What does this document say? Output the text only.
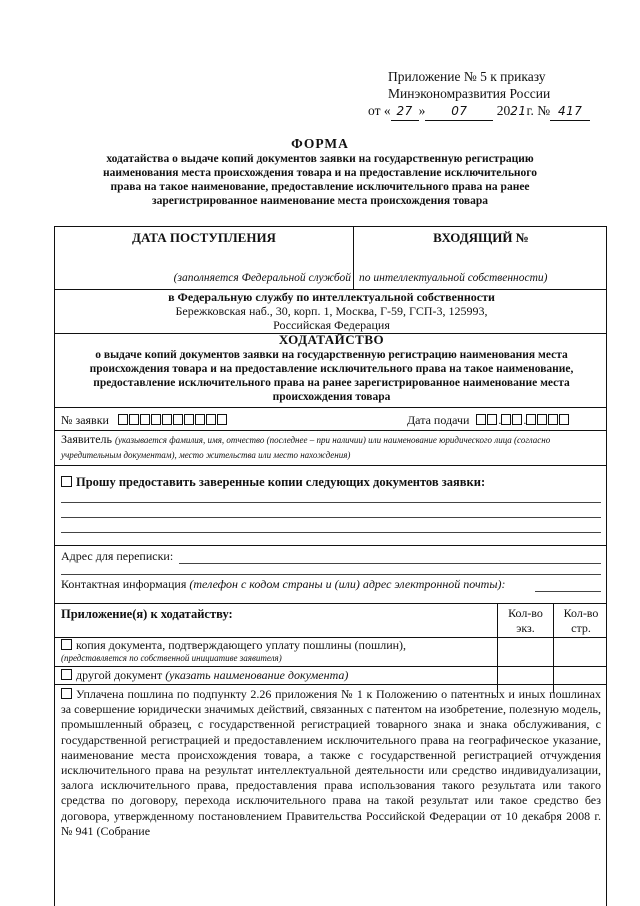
Приложение № 5 к приказу
Минэкономразвития России
от « 27 » 07 2021г. № 417
ФОРМА
ходатайства о выдаче копий документов заявки на государственную регистрацию наименования места происхождения товара и на предоставление исключительного права на такое наименование, предоставление исключительного права на ранее зарегистрированное наименование места происхождения товара
ДАТА ПОСТУПЛЕНИЯ	ВХОДЯЩИЙ №
(заполняется Федеральной службой по интеллектуальной собственности)
в Федеральную службу по интеллектуальной собственности
Бережковская наб., 30, корп. 1, Москва, Г-59, ГСП-3, 125993,
Российская Федерация
ХОДАТАЙСТВО
о выдаче копий документов заявки на государственную регистрацию наименования места происхождения товара и на предоставление исключительного права на такое наименование, предоставление исключительного права на ранее зарегистрированное наименование места происхождения товара
№ заявки	Дата подачи . .
Заявитель (указывается фамилия, имя, отчество (последнее – при наличии) или наименование юридического лица (согласно учредительным документам), место жительства или место нахождения)
Прошу предоставить заверенные копии следующих документов заявки:
Адрес для переписки:
Контактная информация (телефон с кодом страны и (или) адрес электронной почты):
Приложение(я) к ходатайству:	Кол-во
экз.
Кол-во
стр.
копия документа, подтверждающего уплату пошлины (пошлин),
(представляется по собственной инициативе заявителя)
другой документ (указать наименование документа)
Уплачена пошлина по подпункту 2.26 приложения № 1 к Положению о патентных и иных пошлинах за совершение юридически значимых действий, связанных с патентом на изобретение, полезную модель, промышленный образец, с государственной регистрацией товарного знака и знака обслуживания, с государственной регистрацией и предоставлением исключительного права на географическое указание, наименование места происхождения товара, а также с государственной регистрацией отчуждения исключительного права на результат интеллектуальной деятельности или средство индивидуализации, залога исключительного права, предоставления права использования такого результата или такого средства по договору, перехода исключительного права на такой результат или такое средство без договора, утвержденному постановлением Правительства Российской Федерации от 10 декабря 2008 г. № 941 (Собрание
